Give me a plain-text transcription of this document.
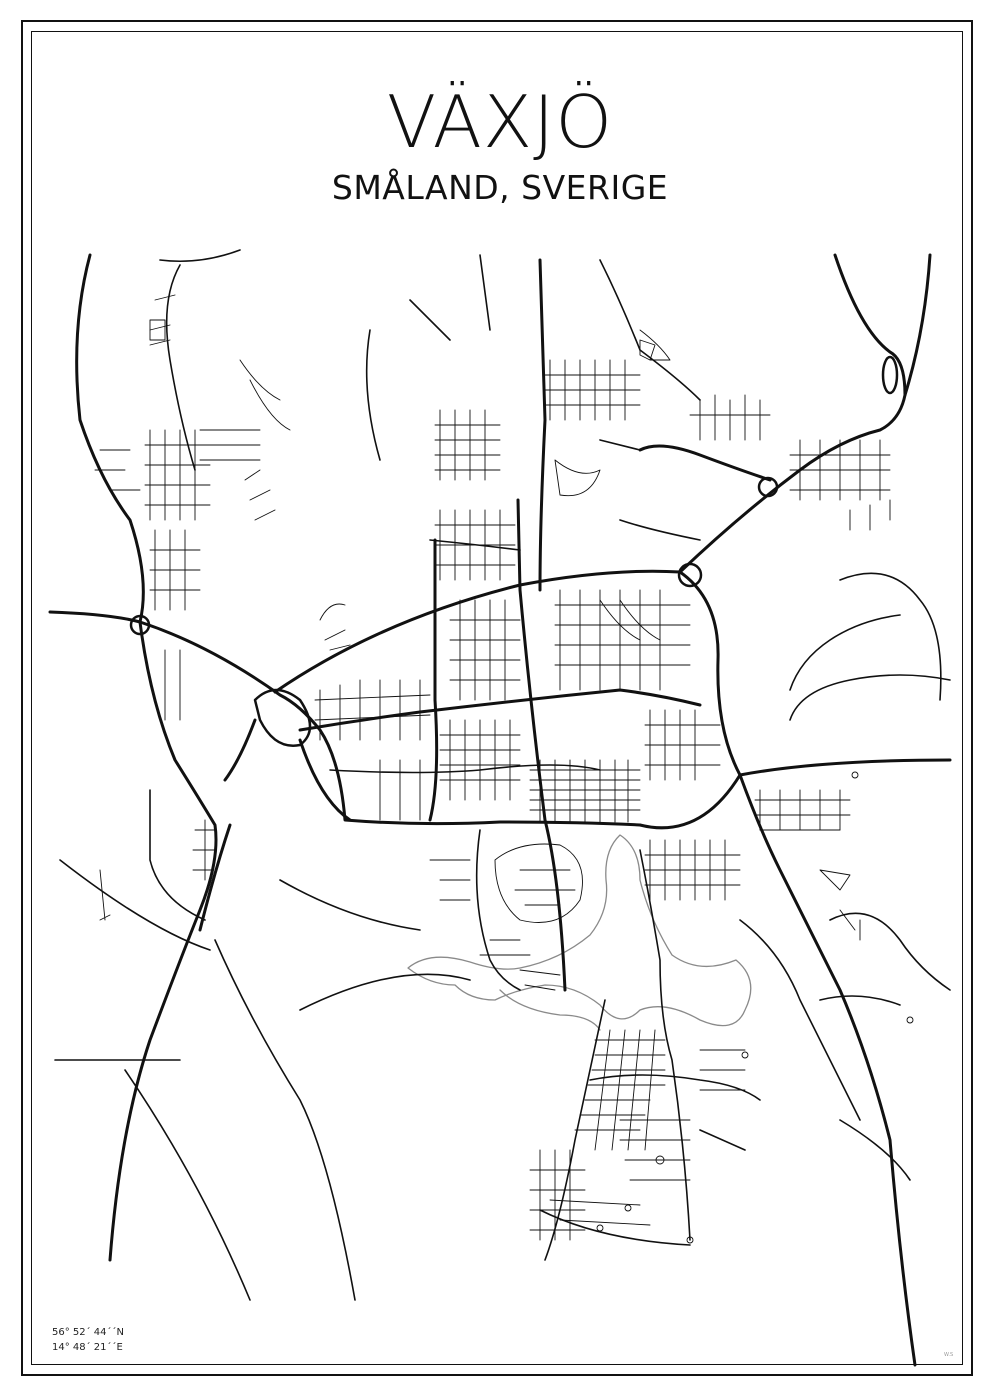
VÄXJÖ
SMÅLAND, SVERIGE
56° 52´ 44´´N
14° 48´ 21´´E
W.S
